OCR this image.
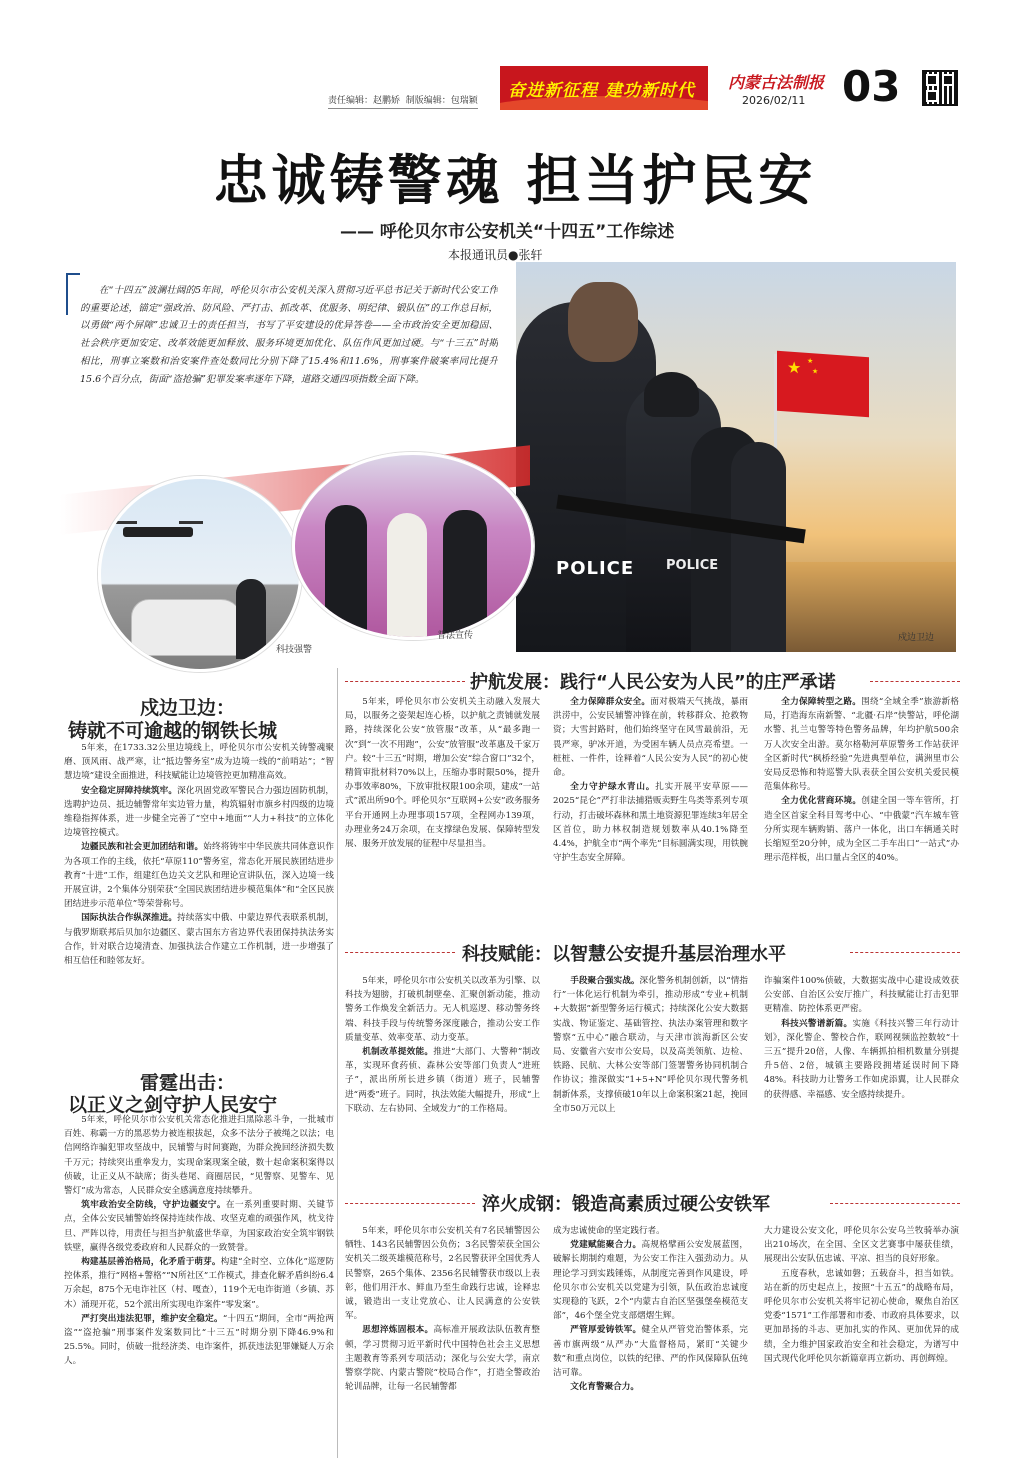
责任编辑：赵鹏娇  制版编辑：包瑞颖 奋进新征程 建功新时代 内蒙古法制报
2026/02/11 03
忠诚铸警魂 担当护民安
—— 呼伦贝尔市公安机关“十四五”工作综述
本报通讯员●张轩

在“十四五”波澜壮阔的5年间，呼伦贝尔市公安机关深入贯彻习近平总书记关于新时代公安工作的重要论述，锚定“强政治、防风险、严打击、抓改革、优服务、明纪律、锻队伍”的工作总目标，以勇做“两个屏障”忠诚卫士的责任担当，书写了平安建设的优异答卷——全市政治安全更加稳固、社会秩序更加安定、改革效能更加释放、服务环境更加优化、队伍作风更加过硬。与“十三五”时期相比，刑事立案数和治安案件查处数同比分别下降了15.4%和11.6%，刑事案件破案率同比提升15.6个百分点，街面“盗抢骗”犯罪发案率逐年下降，道路交通四项指数全面下降。

★ ★
★
POLICE POLICE
科技强警
普法宣传	戍边卫边
戍边卫边：
铸就不可逾越的钢铁长城

5年来，在1733.32公里边境线上，呼伦贝尔市公安机关铸警魂聚磨、顶风雨、战严寒，让“抵边警务室”成为边境一线的“前哨站”；“智慧边境”建设全面推进，科技赋能让边境管控更加精准高效。

安全稳定屏障持续筑牢。深化巩固党政军警民合力强边固防机制，选聘护边员、抵边辅警常年实边管力量，构筑辐射市旗乡村四级的边境维稳指挥体系，进一步健全完善了“空中+地面”“人力+科技”的立体化边境管控模式。

边疆民族和社会更加团结和谐。始终将铸牢中华民族共同体意识作为各项工作的主线，依托“草原110”警务室，常态化开展民族团结进步教育“十进”工作，组建红色边关文艺队和理论宣讲队伍，深入边境一线开展宣讲，2个集体分别荣获“全国民族团结进步模范集体”和“全区民族团结进步示范单位”等荣誉称号。

国际执法合作纵深推进。持续落实中俄、中蒙边界代表联系机制，与俄罗斯联邦后贝加尔边疆区、蒙古国东方省边界代表团保持执法务实合作，针对联合边境清查、加强执法合作建立工作机制，进一步增强了相互信任和睦邻友好。

雷霆出击：
以正义之剑守护人民安宁

5年来，呼伦贝尔市公安机关常态化推进扫黑除恶斗争，一批城市百姓、称霸一方的黑恶势力被连根拔起，众多不法分子被绳之以法；电信网络诈骗犯罪攻坚战中，民辅警与时间赛跑，为群众挽回经济损失数千万元；持续突出重拳发力，实现命案现案全破，数十起命案积案得以侦破，让正义从不缺席；街头巷尾、商圈居民，“见警察、见警车、见警灯”成为常态，人民群众安全感满意度持续攀升。

筑牢政治安全防线，守护边疆安宁。在一系列重要时期、关键节点，全体公安民辅警始终保持连续作战、攻坚克难的顽强作风，枕戈待旦、严阵以待，用责任与担当护航盛世华章，为国家政治安全筑牢钢铁铁壁，赢得各级党委政府和人民群众的一致赞誉。

构建基层善治格局，化矛盾于萌芽。构建“全时空、立体化”巡逻防控体系，推行“网格+警格”“N所社区”工作模式，排查化解矛盾纠纷6.4万余起，875个无电诈社区（村、嘎查），119个无电诈街道（乡镇、苏木）涌现开花，52个派出所实现电诈案件“零发案”。

严打突出违法犯罪，维护安全稳定。“十四五”期间，全市“两抢两盗”“盗抢骗”刑事案件发案数同比“十三五”时期分别下降46.9%和25.5%。同时，侦破一批经济类、电诈案件，抓获违法犯罪嫌疑人万余人。

护航发展：践行“人民公安为人民”的庄严承诺

5年来，呼伦贝尔市公安机关主动融入发展大局，以服务之姿架起连心桥，以护航之责铺就发展路，持续深化公安“放管服”改革，从“最多跑一次”到“一次不用跑”，公安“放管服”改革惠及千家万户。较“十三五”时期，增加公安“综合窗口”32个，精简审批材料70%以上，压缩办事时限50%，提升办事效率80%，下放审批权限100余项，建成“一站式”派出所90个。呼伦贝尔“互联网+公安”政务服务平台开通网上办理事项157项，全程网办139项，办理业务24万余项，在支撑绿色发展、保障转型发展、服务开放发展的征程中尽显担当。

全力保障群众安全。面对极端天气挑战，暴雨洪涝中，公安民辅警冲锋在前，转移群众、抢救物资；大雪封路时，他们始终坚守在风雪最前沿，无畏严寒，驴冰开道，为受困车辆人员点亮希望。一桩桩、一件件，诠释着“人民公安为人民”的初心使命。

全力守护绿水青山。扎实开展平安草原——2025“昆仑”严打非法捕猎贩卖野生鸟类等系列专项行动，打击破坏森林和黑土地资源犯罪连续3年居全区首位，助力林权制造规划数率从40.1%降至4.4%，护航全市“两个率先”目标圆满实现，用铁腕守护生态安全屏障。

全力保障转型之路。围绕“全域全季”旅游新格局，打造海东南新警、“北疆·石岸”快警站，呼伦湖水警、扎兰屯警等特色警务品牌，年均护航500余万人次安全出游。莫尔格勒河草原警务工作站获评全区新时代“枫桥经验”先进典型单位，满洲里市公安局反恐怖和特巡警大队表获全国公安机关爱民模范集体称号。

全力优化营商环境。创建全国一等车管所，打造全区首家全科目驾考中心、“中俄蒙”汽车城车管分所实现车辆购销、落户一体化，出口车辆通关时长缩短至20分钟，成为全区二手车出口“一站式”办理示范样板，出口量占全区的40%。

科技赋能：以智慧公安提升基层治理水平

5年来，呼伦贝尔市公安机关以改革为引擎、以科技为翅膀，打破机制壁垒、汇聚创新动能，推动警务工作焕发全新活力。无人机巡逻、移动警务终端、科技手段与传统警务深度融合，推动公安工作质量变革、效率变革、动力变革。

机制改革提效能。推进“大部门、大警种”制改革，实现环食药侦、森林公安等部门负责人“进班子”，派出所所长进乡镇（街道）班子，民辅警进“两委”班子。同时，执法效能大幅提升，形成“上下联动、左右协同、全域发力”的工作格局。

手段聚合强实战。深化警务机制创新，以“情指行”一体化运行机制为牵引，推动形成“专业+机制+大数据”新型警务运行模式；持续深化公安大数据实战、物证鉴定、基础管控、执法办案管理和数字警察“五中心”融合联动，与天津市滨海新区公安局、安徽省六安市公安局，以及高美领航、边检、铁路、民航、大林公安等部门签署警务协同机制合作协议；推深做实“1+5+N”呼伦贝尔现代警务机制新体系，支撑侦破10年以上命案积案21起，挽回全市50万元以上

诈骗案件100%侦破，大数据实战中心建设成效获公安部、自治区公安厅推广，科技赋能让打击犯罪更精准、防控体系更严密。

科技兴警谱新篇。实施《科技兴警三年行动计划》，深化警企、警校合作，联网视频监控数较“十三五”提升20倍，人像、车辆抓拍相机数量分别提升5倍、2倍，城镇主要路段拥堵延误时间下降48%。科技助力让警务工作如虎添翼，让人民群众的获得感、幸福感、安全感持续提升。

淬火成钢：锻造高素质过硬公安铁军

5年来，呼伦贝尔市公安机关有7名民辅警因公牺牲、143名民辅警因公负伤；3名民警荣获全国公安机关二级英雄模范称号，2名民警获评全国优秀人民警察，265个集体、2356名民辅警获市级以上表彰，他们用汗水、鲜血乃至生命践行忠诚，诠释忠诚，锻造出一支让党放心、让人民满意的公安铁军。

思想淬炼固根本。高标准开展政法队伍教育整顿，学习贯彻习近平新时代中国特色社会主义思想主题教育等系列专项活动；深化与公安大学，南京警察学院、内蒙古警院“校局合作”，打造全警政治轮训品牌，让每一名民辅警都

成为忠诚使命的坚定践行者。

党建赋能聚合力。高规格擘画公安发展蓝图，破解长期制约难题，为公安工作注入强劲动力。从理论学习到实践锤炼，从制度完善到作风建设，呼伦贝尔市公安机关以党建为引领，队伍政治忠诚度实现稳的飞跃，2个“内蒙古自治区坚强堡垒模范支部”，46个堡全党支部熠熠生辉。

严管厚爱铸铁军。健全从严管党治警体系，完善市旗两级“从严办”大监督格局，紧盯“关键少数”和重点岗位，以铁的纪律、严的作风保障队伍纯洁可靠。

文化育警聚合力。

大力建设公安文化，呼伦贝尔公安乌兰牧骑举办演出210场次，在全国、全区文艺赛事中屡获佳绩，展现出公安队伍忠诚、平凉、担当的良好形象。

五度春秋，忠诚如磐；五载奋斗，担当如铁。站在新的历史起点上，按照“十五五”的战略布局，呼伦贝尔市公安机关将牢记初心使命，聚焦自治区党委“1571”工作部署和市委、市政府具体要求，以更加昂扬的斗志、更加扎实的作风、更加优异的成绩，全力维护国家政治安全和社会稳定，为谱写中国式现代化呼伦贝尔新篇章再立新功、再创辉煌。
